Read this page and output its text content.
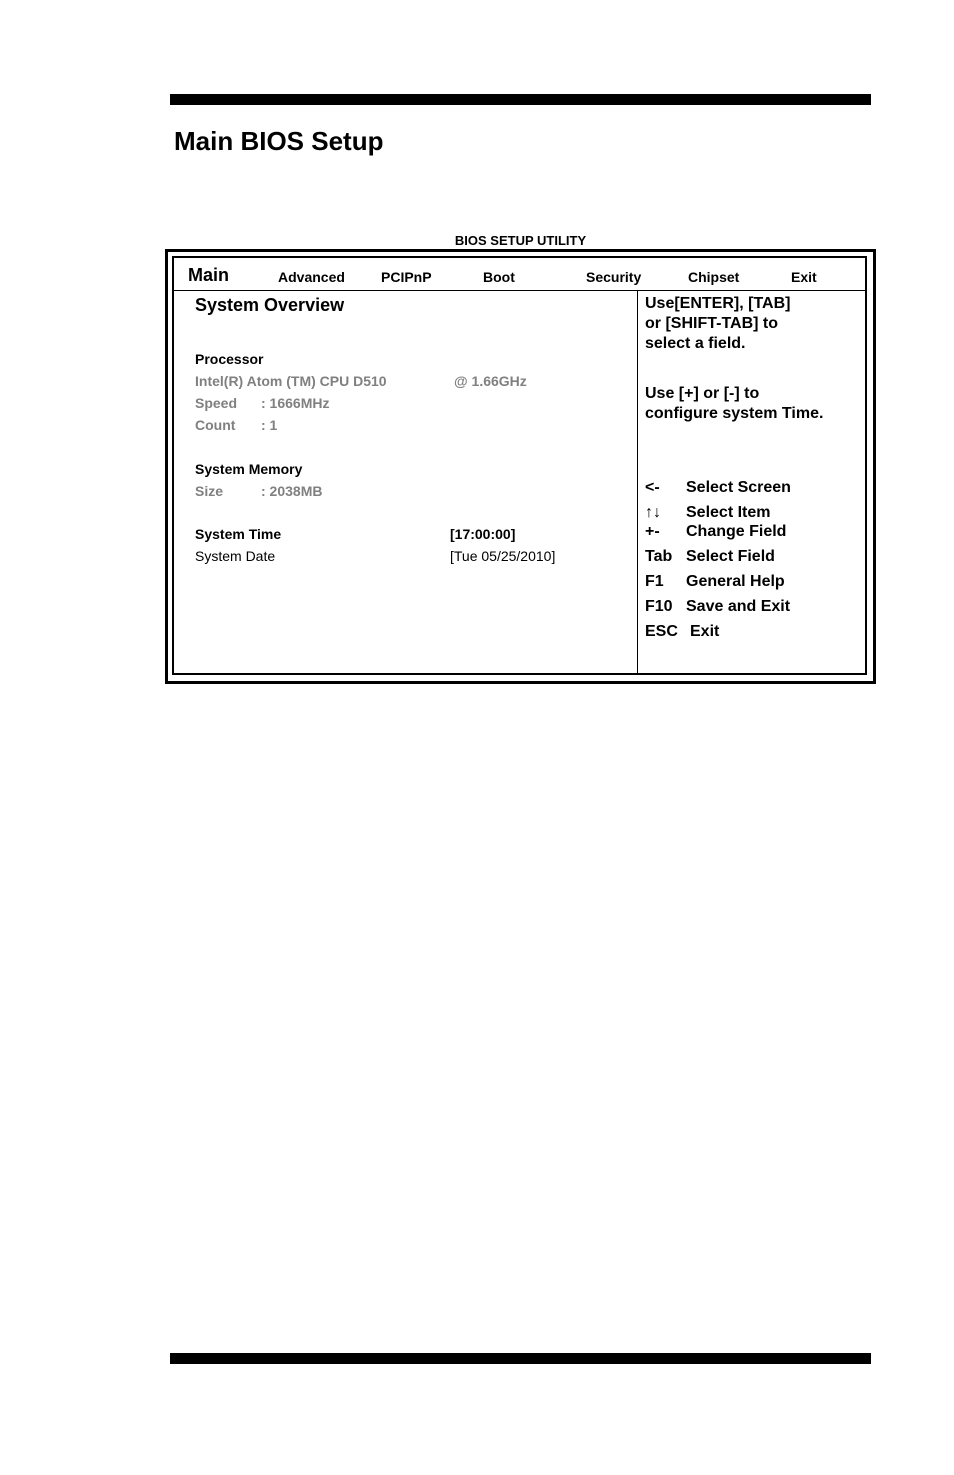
Main BIOS Setup
BIOS SETUP UTILITY
Main	Advanced	PCIPnP	Boot	Security	Chipset	Exit
System Overview
Processor
Intel(R) Atom (TM) CPU D510	@ 1.66GHz
Speed : 1666MHz
Count : 1
System Memory
Size	: 2038MB
System Time	[17:00:00]
System Date	[Tue 05/25/2010]
Use[ENTER], [TAB]
or [SHIFT-TAB] to
select a field.
Use [+] or [-] to
configure system Time.
<- Select Screen
↑↓ Select Item
+- Change Field
Tab Select Field
F1 General Help
F10 Save and Exit
ESC Exit
